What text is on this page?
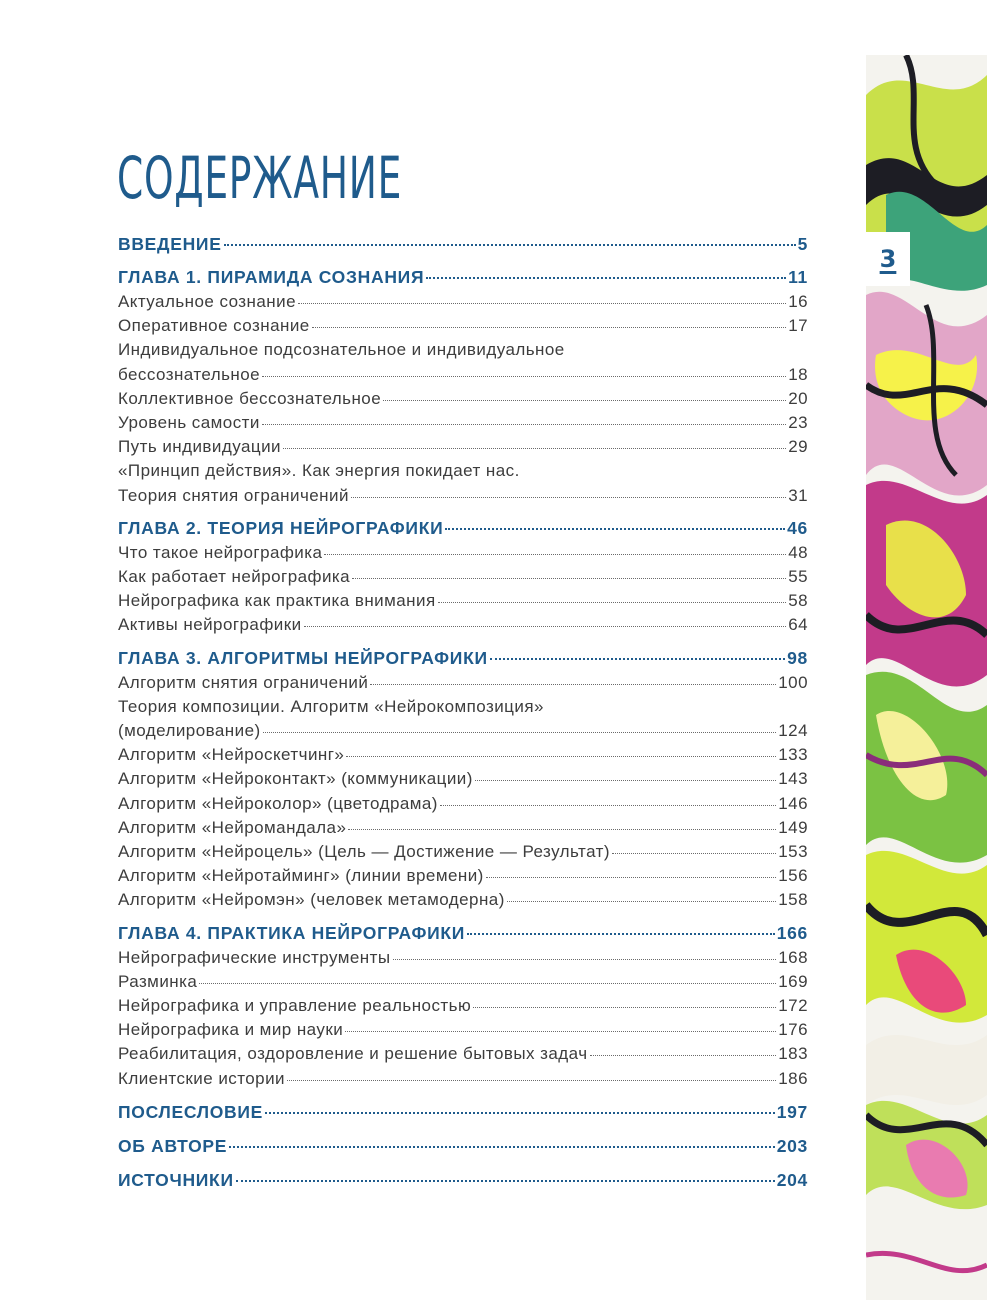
3
СОДЕРЖАНИЕ
ВВЕДЕНИЕ	5
ГЛАВА 1. ПИРАМИДА СОЗНАНИЯ	11
Актуальное сознание	16
Оперативное сознание	17
Индивидуальное подсознательное и индивидуальное
бессознательное	18
Коллективное бессознательное	20
Уровень самости	23
Путь индивидуации	29
«Принцип действия». Как энергия покидает нас.
Теория снятия ограничений	31
ГЛАВА 2. ТЕОРИЯ НЕЙРОГРАФИКИ	46
Что такое нейрографика	48
Как работает нейрографика	55
Нейрографика как практика внимания	58
Активы нейрографики	64
ГЛАВА 3. АЛГОРИТМЫ НЕЙРОГРАФИКИ	98
Алгоритм снятия ограничений	100
Теория композиции. Алгоритм «Нейрокомпозиция»
(моделирование)	124
Алгоритм «Нейроскетчинг»	133
Алгоритм «Нейроконтакт» (коммуникации)	143
Алгоритм «Нейроколор» (цветодрама)	146
Алгоритм «Нейромандала»	149
Алгоритм «Нейроцель» (Цель — Достижение — Результат)	153
Алгоритм «Нейротайминг» (линии времени)	156
Алгоритм «Нейромэн» (человек метамодерна)	158
ГЛАВА 4. ПРАКТИКА НЕЙРОГРАФИКИ	166
Нейрографические инструменты	168
Разминка	169
Нейрографика и управление реальностью	172
Нейрографика и мир науки	176
Реабилитация, оздоровление и решение бытовых задач	183
Клиентские истории	186
ПОСЛЕСЛОВИЕ	197
ОБ АВТОРЕ	203
ИСТОЧНИКИ	204
